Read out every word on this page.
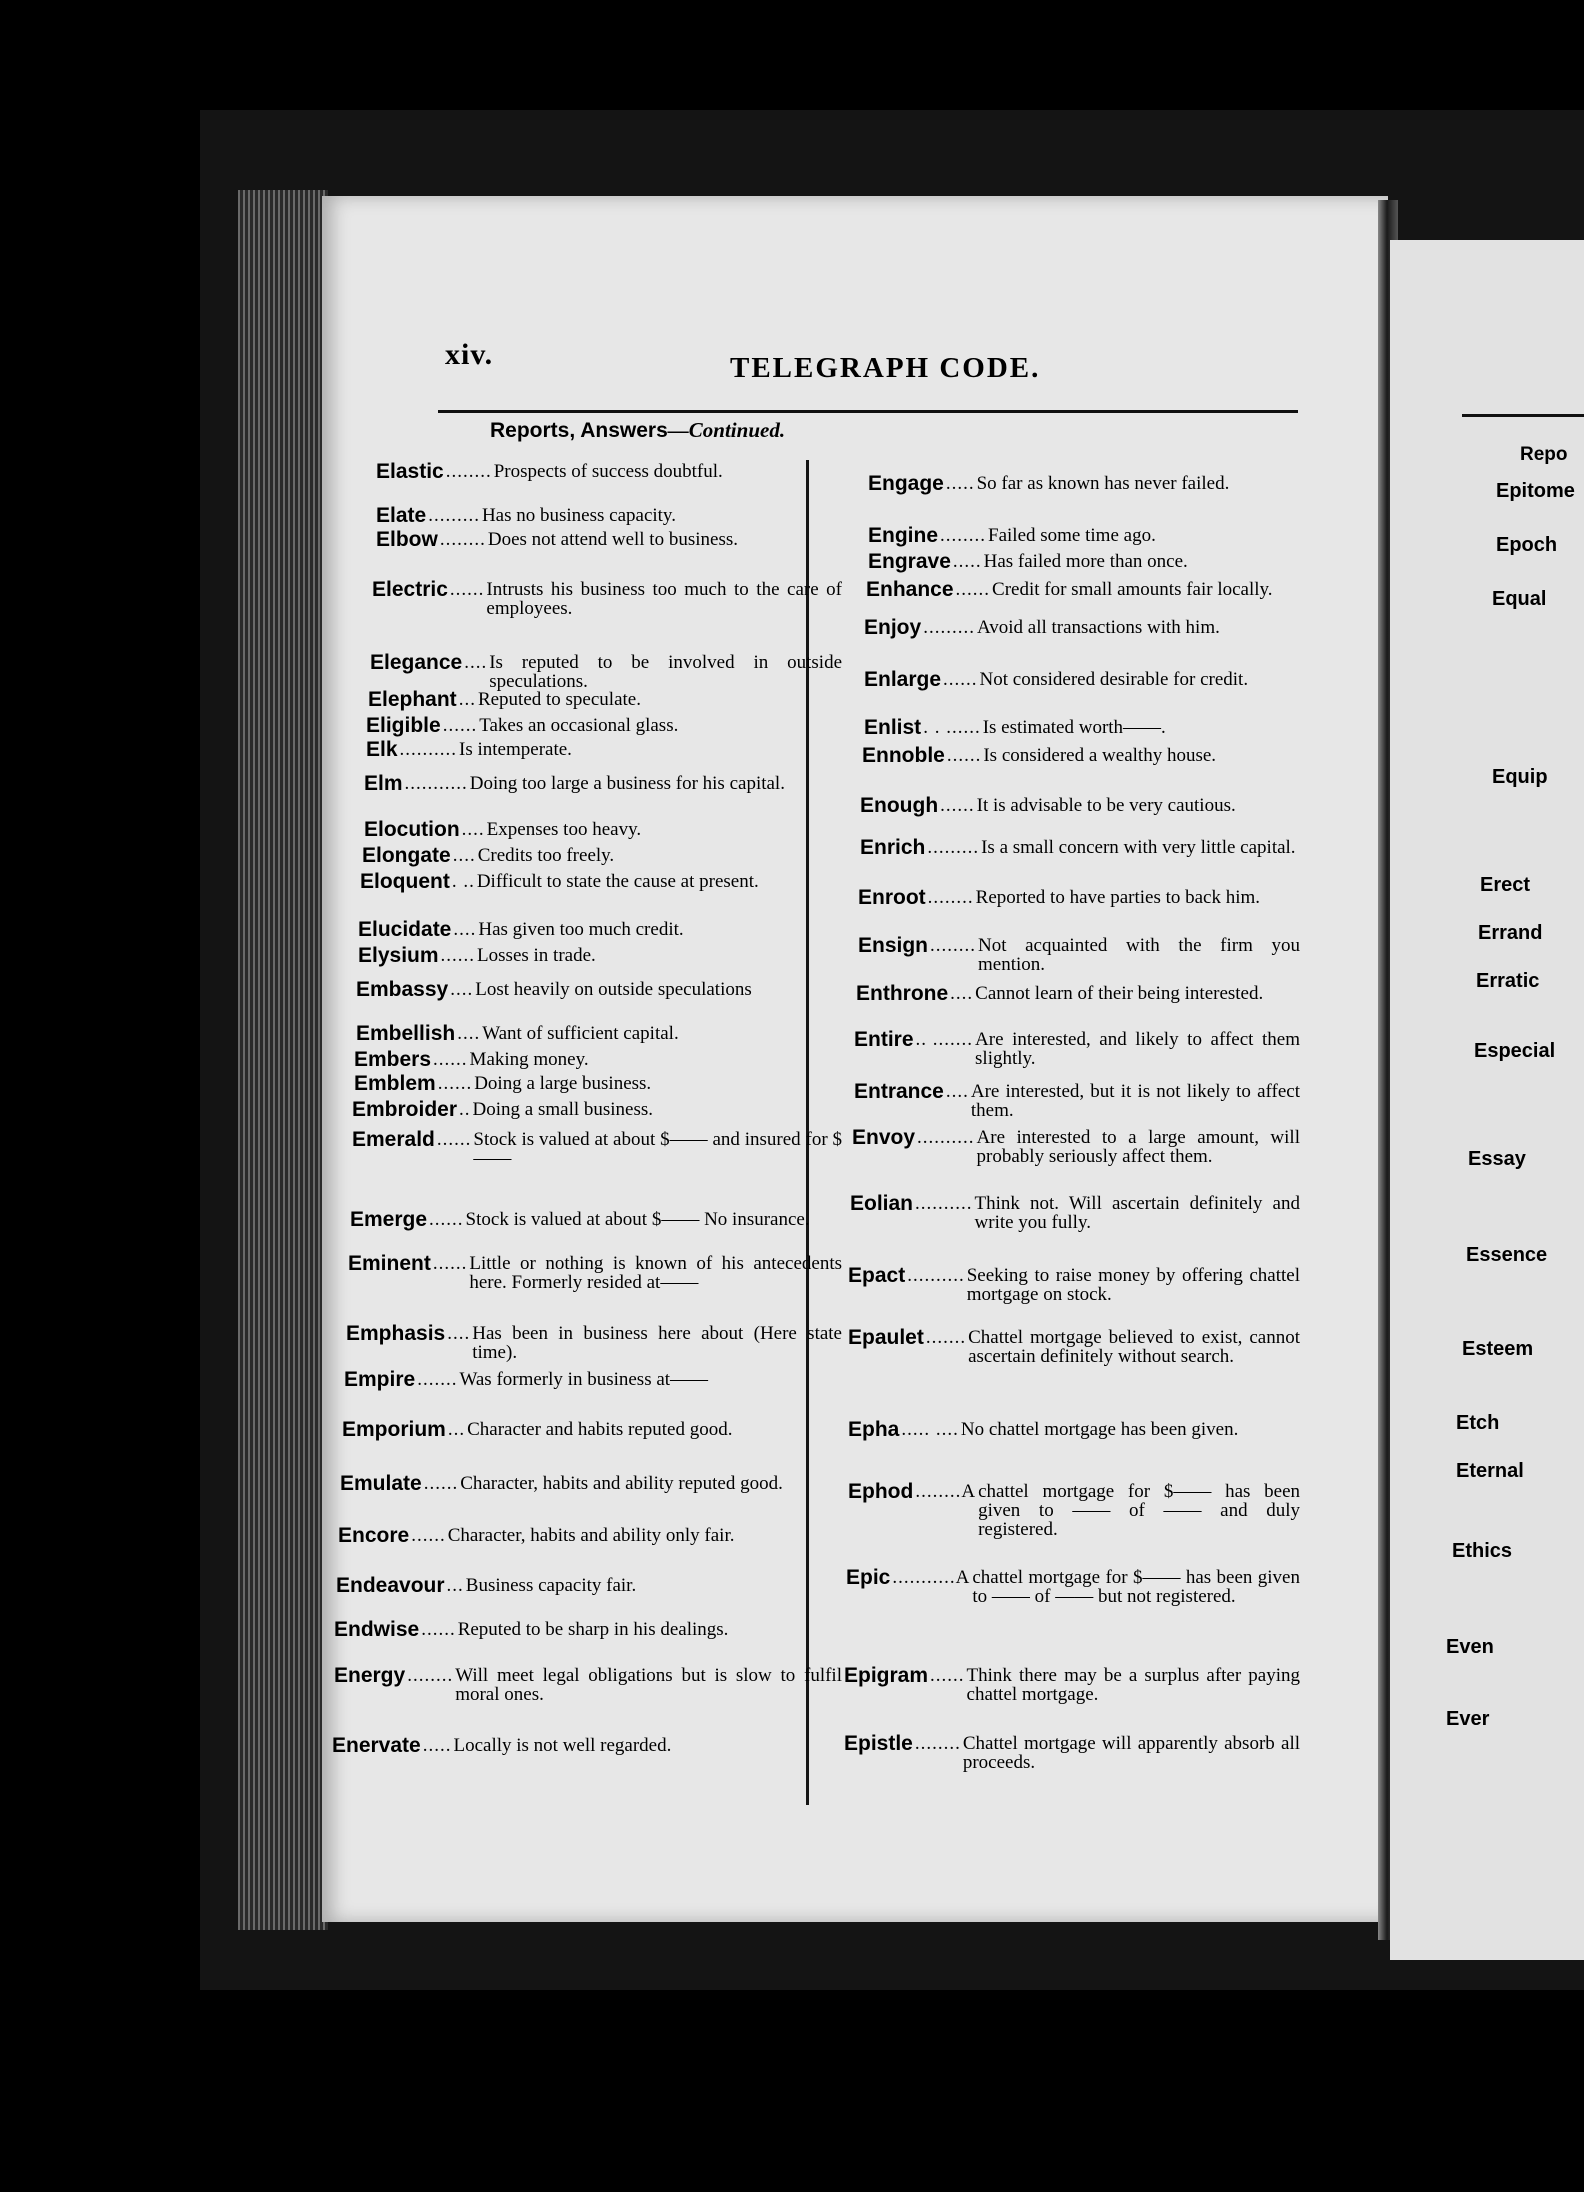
xiv.	TELEGRAPH CODE.
Reports, Answers—Continued.
Elastic ........ Prospects of success doubtful.
Elate ......... Has no business capacity.
Elbow ........ Does not attend well to business.
Electric ...... Intrusts his business too much to the care of employees.
Elegance .... Is reputed to be involved in outside speculations.
Elephant ... Reputed to speculate.
Eligible ...... Takes an occasional glass.
Elk .......... Is intemperate.
Elm ........... Doing too large a business for his capital.
Elocution .... Expenses too heavy.
Elongate .... Credits too freely.
Eloquent . .. Difficult to state the cause at present.
Elucidate .... Has given too much credit.
Elysium ...... Losses in trade.
Embassy .... Lost heavily on outside speculations
Embellish .... Want of sufficient capital.
Embers ...... Making money.
Emblem ...... Doing a large business.
Embroider .. Doing a small business.
Emerald ...... Stock is valued at about $—— and insured for $——
Emerge ...... Stock is valued at about $—— No insurance.
Eminent ...... Little or nothing is known of his antecedents here. Formerly resided at——
Emphasis .... Has been in business here about (Here state time).
Empire ....... Was formerly in business at——
Emporium ... Character and habits reputed good.
Emulate ...... Character, habits and ability reputed good.
Encore ...... Character, habits and ability only fair.
Endeavour ... Business capacity fair.
Endwise ...... Reputed to be sharp in his dealings.
Energy ........ Will meet legal obligations but is slow to fulfil moral ones.
Enervate ..... Locally is not well regarded.
Engage ..... So far as known has never failed.
Engine ........ Failed some time ago.
Engrave ..... Has failed more than once.
Enhance ...... Credit for small amounts fair locally.
Enjoy ......... Avoid all transactions with him.
Enlarge ...... Not considered desirable for credit.
Enlist . . ...... Is estimated worth——.
Ennoble ...... Is considered a wealthy house.
Enough ...... It is advisable to be very cautious.
Enrich ......... Is a small concern with very little capital.
Enroot ........ Reported to have parties to back him.
Ensign ........ Not acquainted with the firm you mention.
Enthrone .... Cannot learn of their being interested.
Entire .. ....... Are interested, and likely to affect them slightly.
Entrance .... Are interested, but it is not likely to affect them.
Envoy .......... Are interested to a large amount, will probably seriously affect them.
Eolian .......... Think not. Will ascertain definitely and write you fully.
Epact .......... Seeking to raise money by offering chattel mortgage on stock.
Epaulet ....... Chattel mortgage believed to exist, cannot ascertain definitely without search.
Epha ..... .... No chattel mortgage has been given.
Ephod ........A chattel mortgage for $—— has been given to —— of —— and duly registered.
Epic ...........A chattel mortgage for $—— has been given to —— of —— but not registered.
Epigram ...... Think there may be a surplus after paying chattel mortgage.
Epistle ........ Chattel mortgage will apparently absorb all proceeds.
Repo
Epitome
Epoch
Equal
Equip
Erect
Errand
Erratic
Especial
Essay
Essence
Esteem
Etch
Eternal
Ethics
Even
Ever
